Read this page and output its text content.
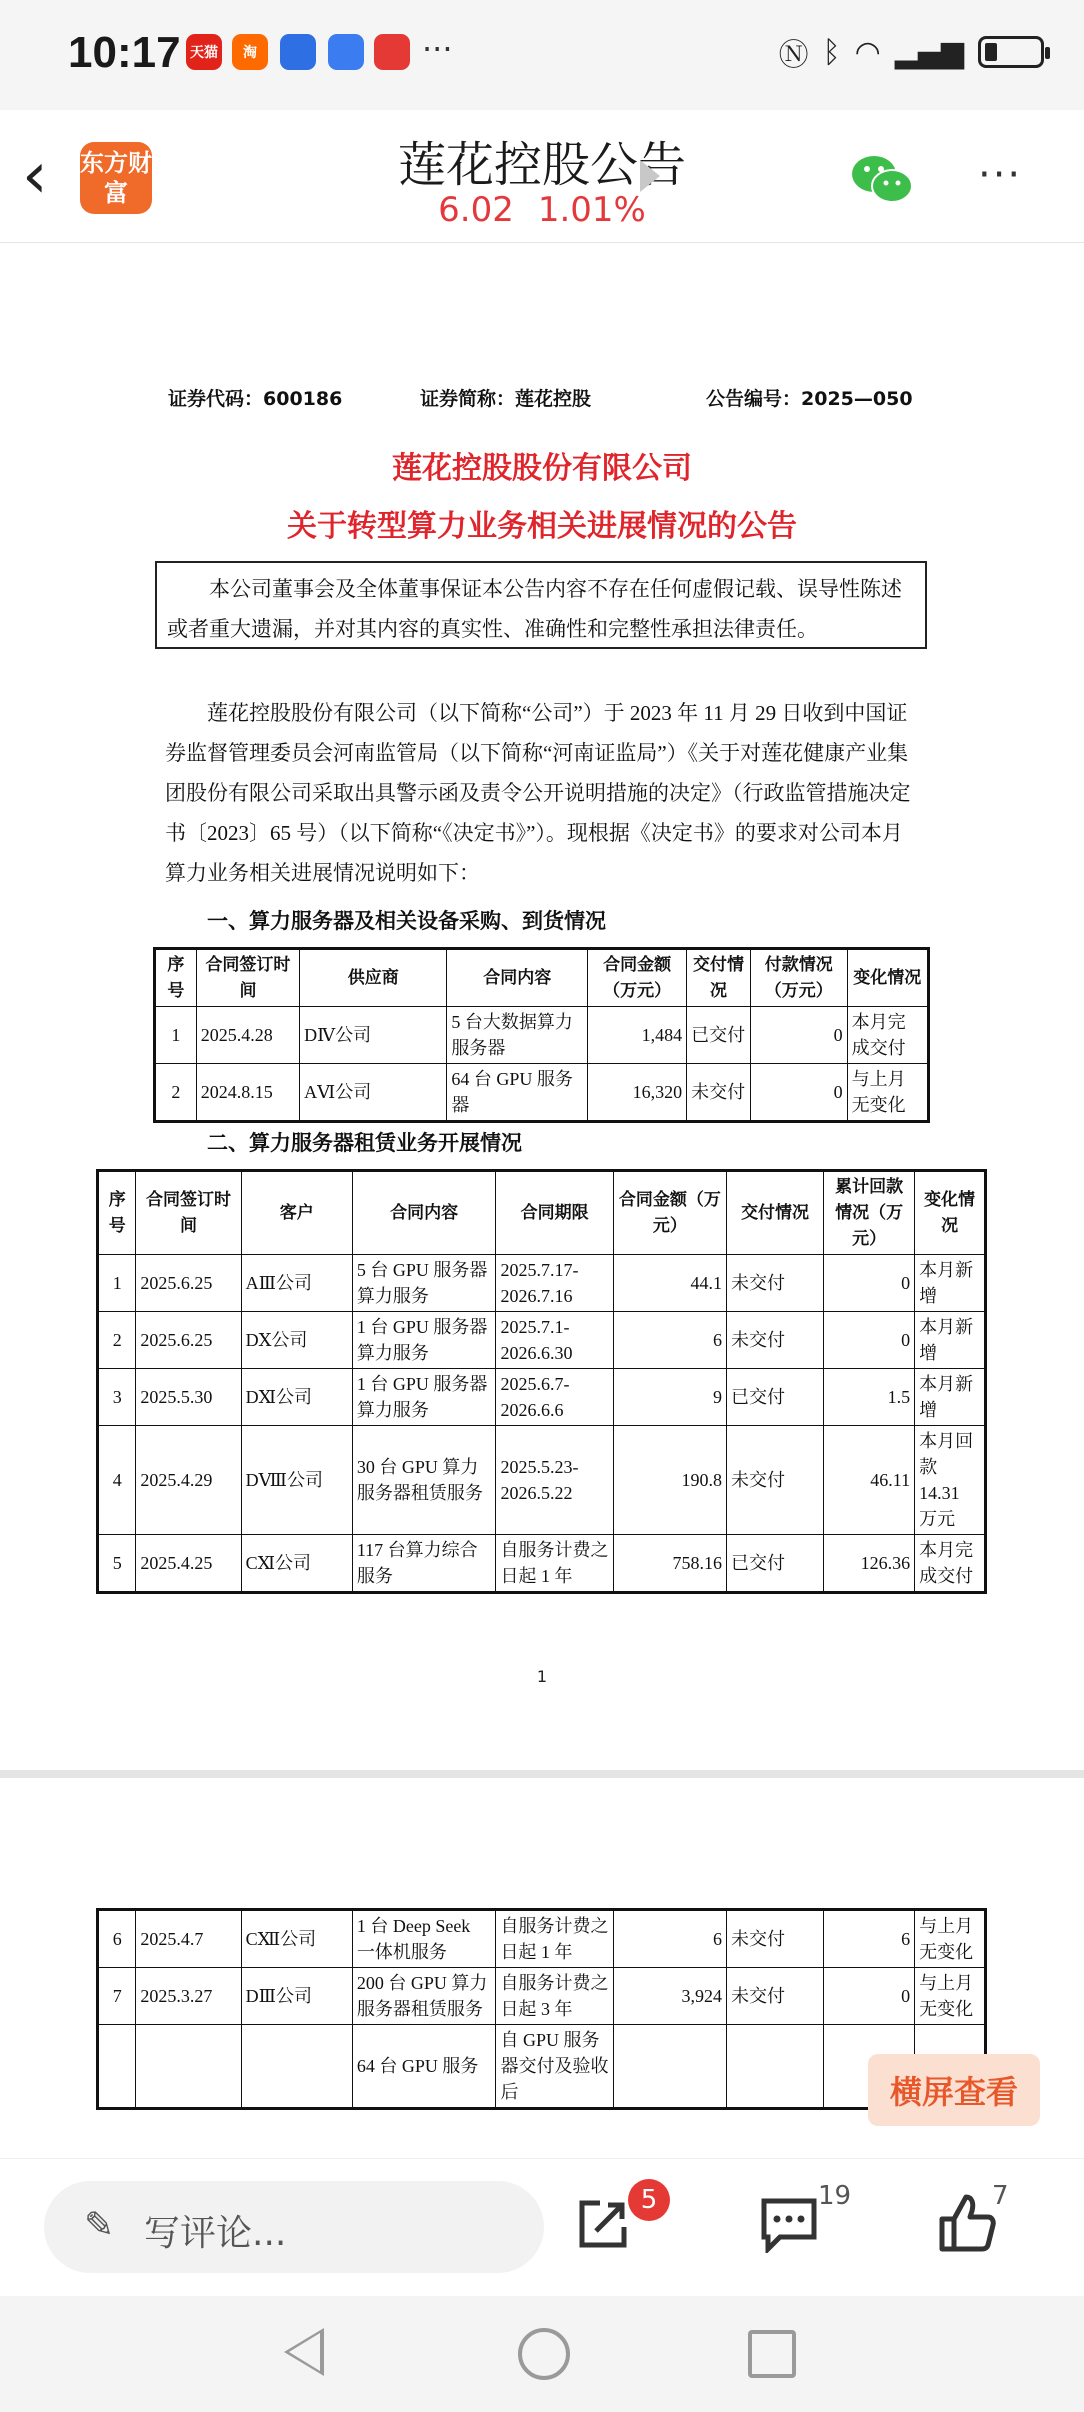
10:17 天猫	淘	···	Ⓝ ᛒ ◠ ▂▄▆
‹ 东方财富	莲花控股公告
6.02 1.01%
···
证券代码：600186	证券简称：莲花控股	公告编号：2025—050
莲花控股股份有限公司
关于转型算力业务相关进展情况的公告
本公司董事会及全体董事保证本公告内容不存在任何虚假记载、误导性陈述或者重大遗漏，并对其内容的真实性、准确性和完整性承担法律责任。
莲花控股股份有限公司（以下简称“公司”）于 2023 年 11 月 29 日收到中国证券监督管理委员会河南监管局（以下简称“河南证监局”）《关于对莲花健康产业集团股份有限公司采取出具警示函及责令公开说明措施的决定》（行政监管措施决定书〔2023〕65 号）（以下简称“《决定书》”）。现根据《决定书》的要求对公司本月算力业务相关进展情况说明如下：
一、算力服务器及相关设备采购、到货情况
序号	合同签订时间	供应商	合同内容	合同金额（万元）	交付情况	付款情况（万元）	变化情况
1	2025.4.28	DⅣ公司	5 台大数据算力服务器	1,484	已交付	0	本月完成交付
2	2024.8.15	AⅥ公司	64 台 GPU 服务器	16,320	未交付	0	与上月无变化
二、算力服务器租赁业务开展情况
序号	合同签订时间	客户	合同内容	合同期限	合同金额（万元）	交付情况	累计回款情况（万元）	变化情况
1	2025.6.25	AⅢ公司	5 台 GPU 服务器算力服务	2025.7.17-2026.7.16	44.1	未交付	0	本月新增
2	2025.6.25	DⅩ公司	1 台 GPU 服务器算力服务	2025.7.1-2026.6.30	6	未交付	0	本月新增
3	2025.5.30	DⅪ公司	1 台 GPU 服务器算力服务	2025.6.7-2026.6.6	9	已交付	1.5	本月新增
4	2025.4.29	DⅧ公司	30 台 GPU 算力服务器租赁服务	2025.5.23-2026.5.22	190.8	未交付	46.11	本月回款 14.31 万元
5	2025.4.25	CⅪ公司	117 台算力综合服务	自服务计费之日起 1 年	758.16	已交付	126.36	本月完成交付
1
6	2025.4.7	CⅫ公司	1 台 Deep Seek 一体机服务	自服务计费之日起 1 年	6	未交付	6	与上月无变化
7	2025.3.27	DⅢ公司	200 台 GPU 算力服务器租赁服务	自服务计费之日起 3 年	3,924	未交付	0	与上月无变化
			64 台 GPU 服务	自 GPU 服务器交付及验收后					横屏查看
✎ 写评论...
5	19	7
